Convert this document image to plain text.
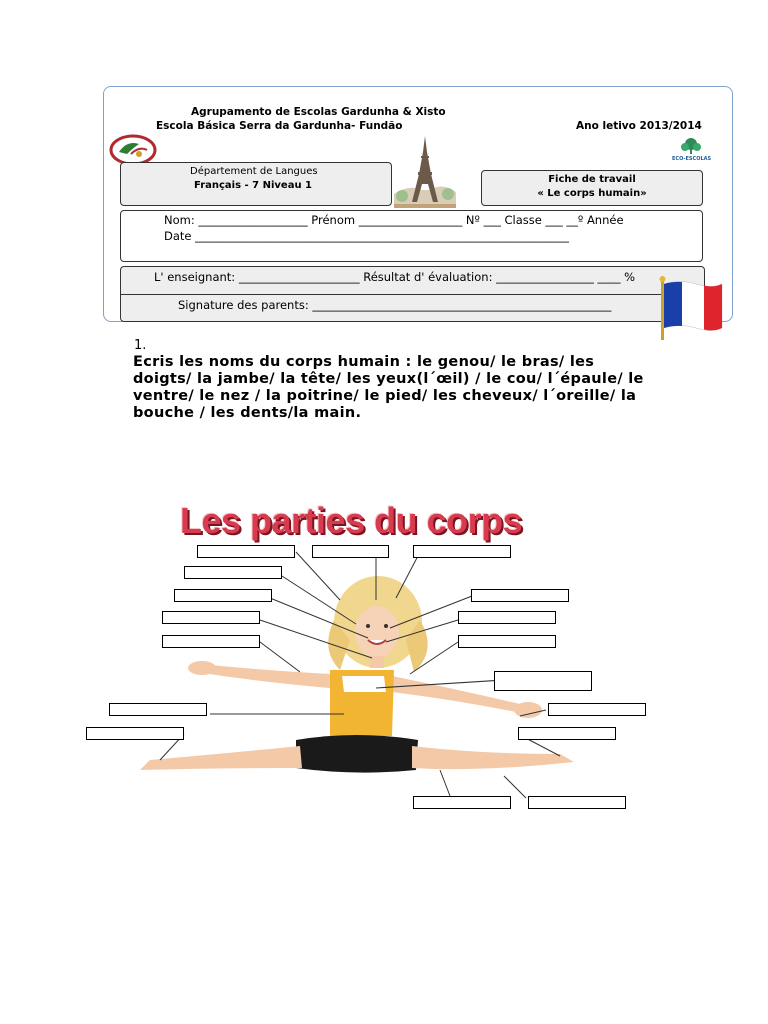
Agrupamento de Escolas Gardunha & Xisto
Escola Básica Serra da Gardunha- Fundão	Ano letivo 2013/2014
ECO-ESCOLAS
Département de Langues
Français - 7 Niveau 1
Fiche de travail
« Le corps humain»
Nom: ___________________ Prénom __________________ Nº ___ Classe ___ __º Année
Date _________________________________________________________________
L' enseignant: _____________________ Résultat d' évaluation: _________________ ____ %
Signature des parents: ____________________________________________________
1.
Ecris les noms du corps humain : le genou/ le bras/ les
doigts/ la jambe/ la tête/ les yeux(l´œil) / le cou/ l´épaule/ le
ventre/ le nez / la poitrine/ le pied/ les cheveux/ l´oreille/ la
bouche / les dents/la main.
Les parties du corps
